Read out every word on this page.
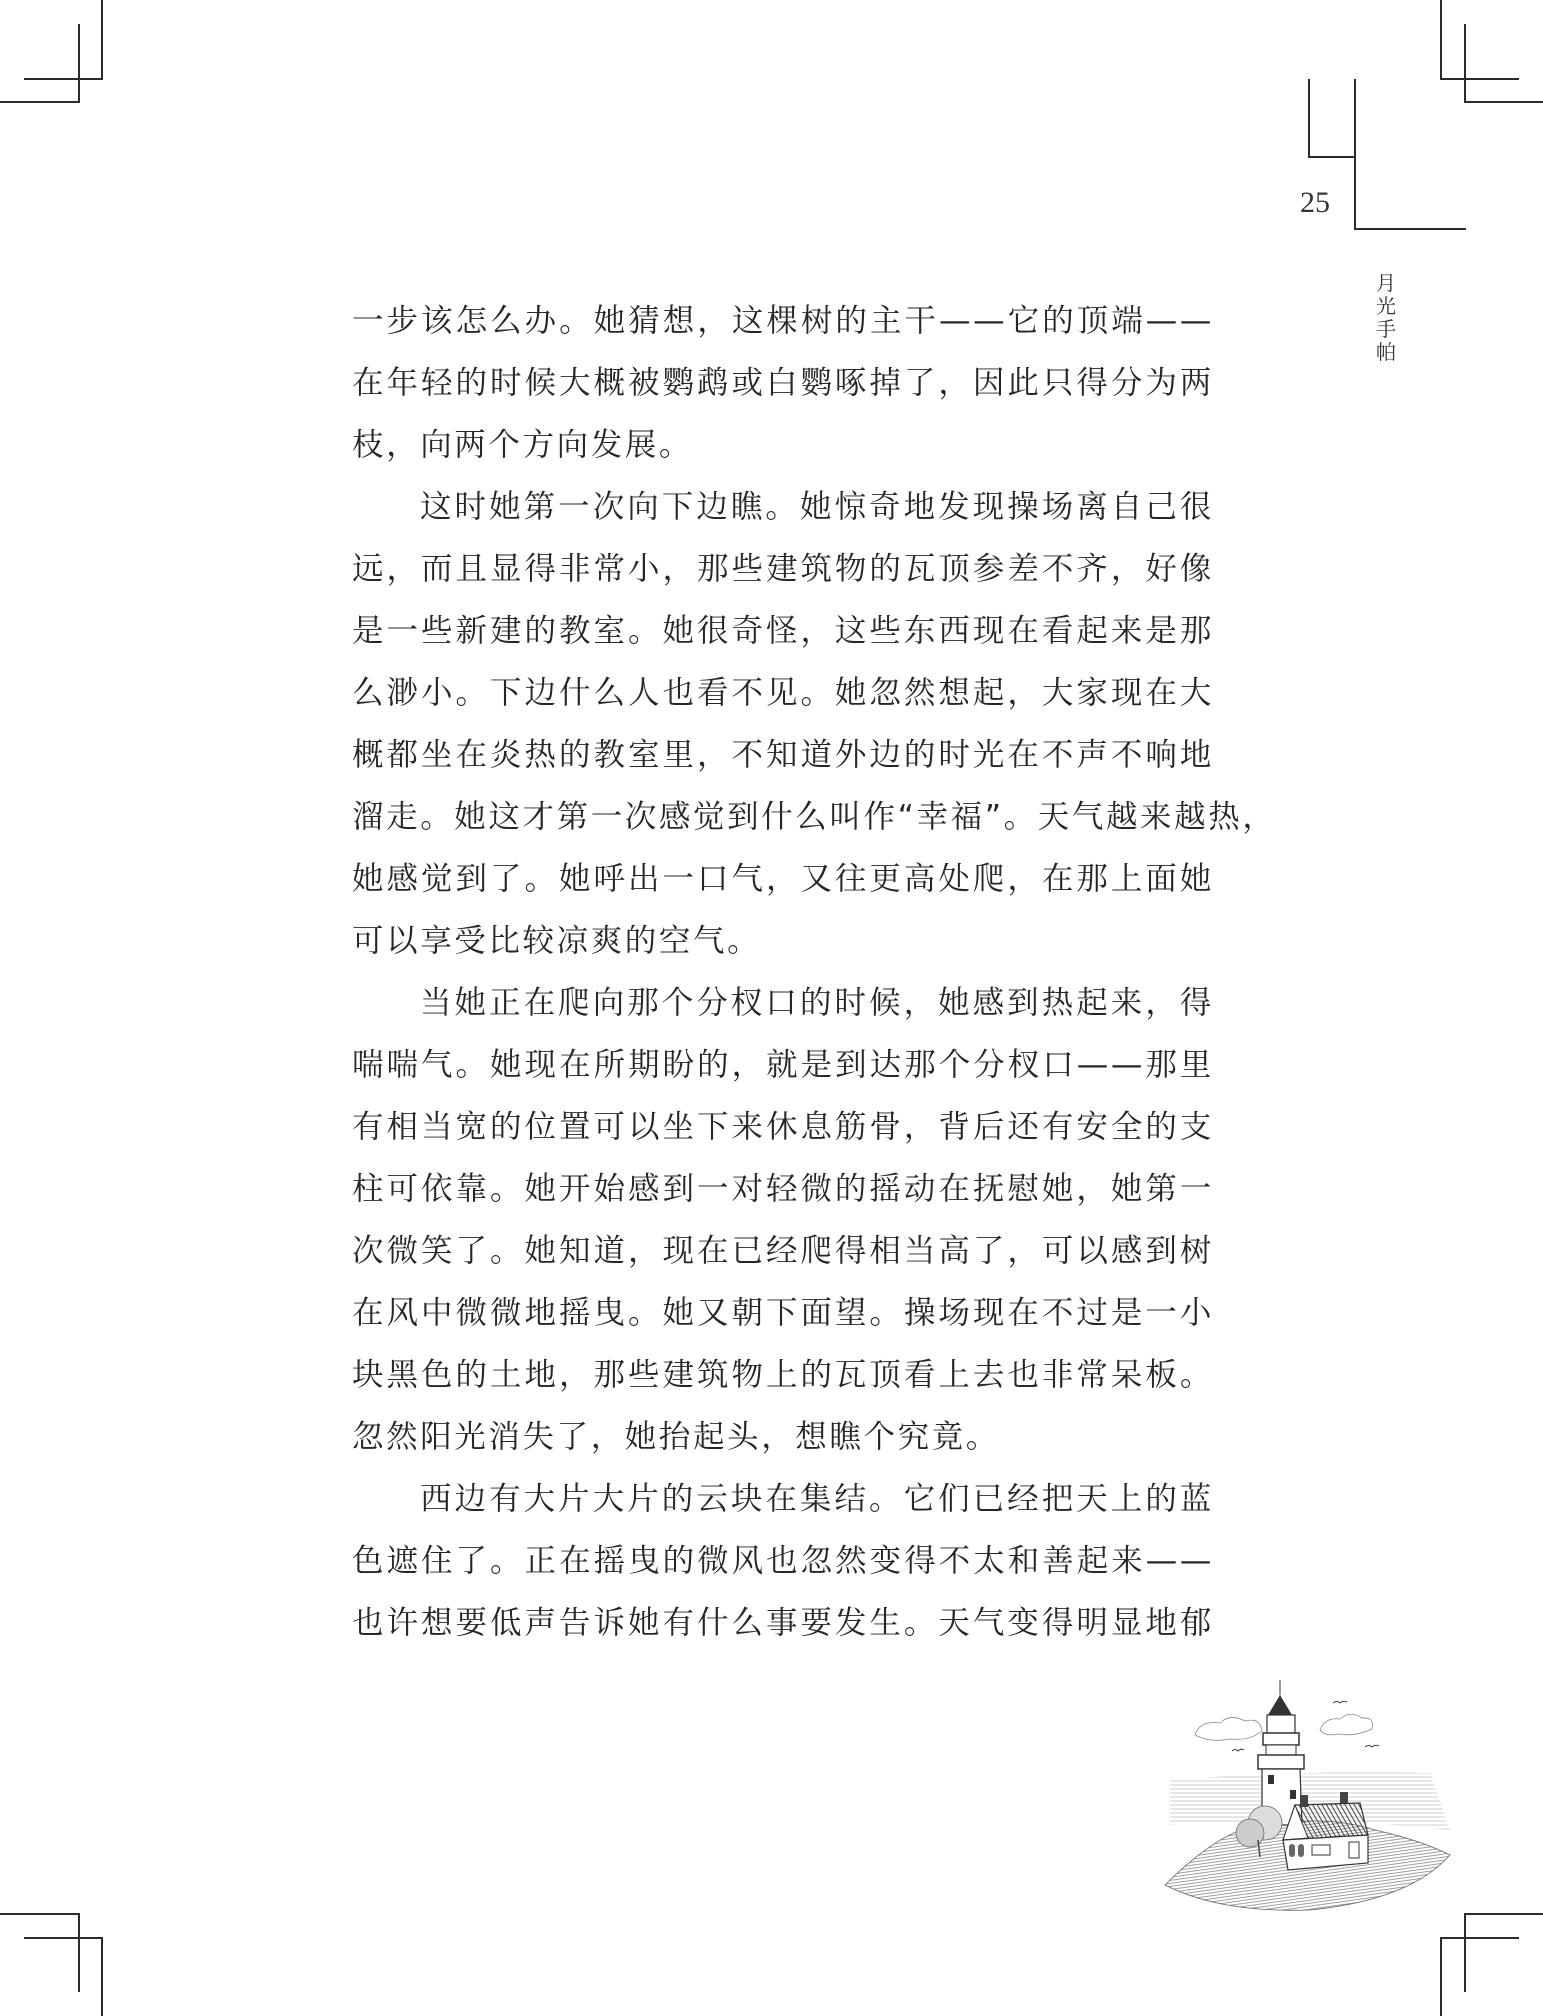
25
月
光
手
帕
一步该怎么办。她猜想，这棵树的主干——它的顶端——
在年轻的时候大概被鹦鹉或白鹦啄掉了，因此只得分为两
枝，向两个方向发展。
这时她第一次向下边瞧。她惊奇地发现操场离自己很
远，而且显得非常小，那些建筑物的瓦顶参差不齐，好像
是一些新建的教室。她很奇怪，这些东西现在看起来是那
么渺小。下边什么人也看不见。她忽然想起，大家现在大
概都坐在炎热的教室里，不知道外边的时光在不声不响地
溜走。她这才第一次感觉到什么叫作“幸福”。天气越来越热，
她感觉到了。她呼出一口气，又往更高处爬，在那上面她
可以享受比较凉爽的空气。
当她正在爬向那个分杈口的时候，她感到热起来，得
喘喘气。她现在所期盼的，就是到达那个分杈口——那里
有相当宽的位置可以坐下来休息筋骨，背后还有安全的支
柱可依靠。她开始感到一对轻微的摇动在抚慰她，她第一
次微笑了。她知道，现在已经爬得相当高了，可以感到树
在风中微微地摇曳。她又朝下面望。操场现在不过是一小
块黑色的土地，那些建筑物上的瓦顶看上去也非常呆板。
忽然阳光消失了，她抬起头，想瞧个究竟。
西边有大片大片的云块在集结。它们已经把天上的蓝
色遮住了。正在摇曳的微风也忽然变得不太和善起来——
也许想要低声告诉她有什么事要发生。天气变得明显地郁
